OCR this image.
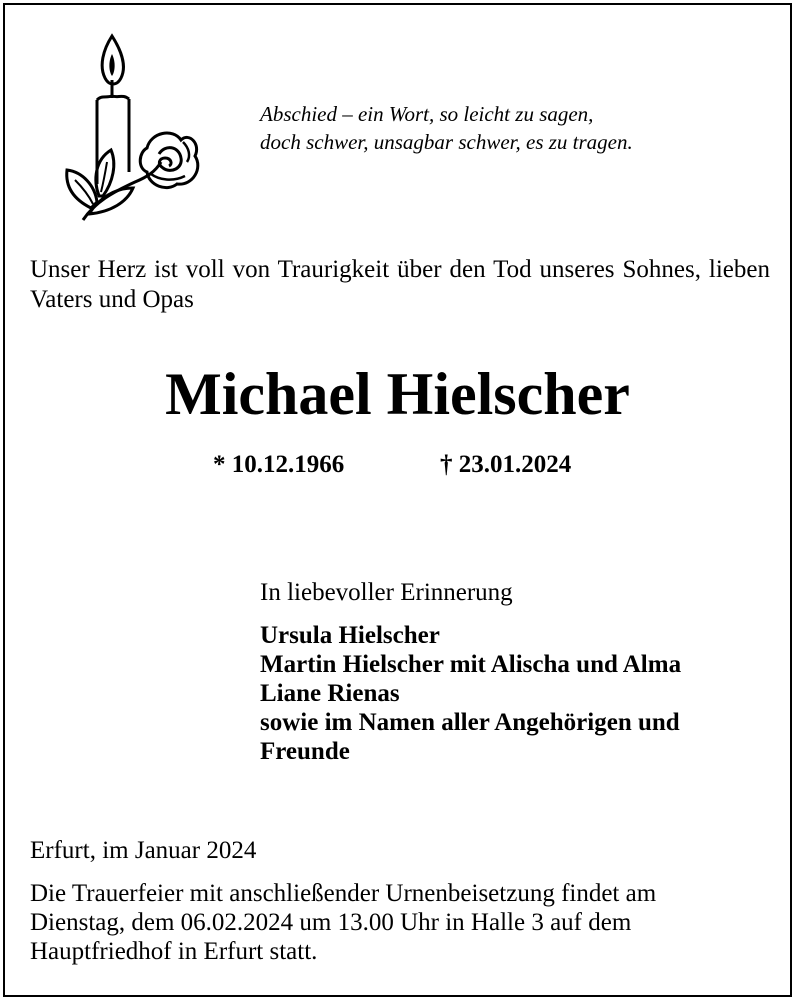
Abschied – ein Wort, so leicht zu sagen,
doch schwer, unsagbar schwer, es zu tragen.
Unser Herz ist voll von Traurigkeit über den Tod unseres Sohnes, lieben Vaters und Opas
Michael Hielscher
* 10.12.1966	† 23.01.2024
In liebevoller Erinnerung
Ursula Hielscher
Martin Hielscher mit Alischa und Alma
Liane Rienas
sowie im Namen aller Angehörigen und
Freunde
Erfurt, im Januar 2024
Die Trauerfeier mit anschließender Urnenbeisetzung findet am
Dienstag, dem 06.02.2024 um 13.00 Uhr in Halle 3 auf dem
Hauptfriedhof in Erfurt statt.
